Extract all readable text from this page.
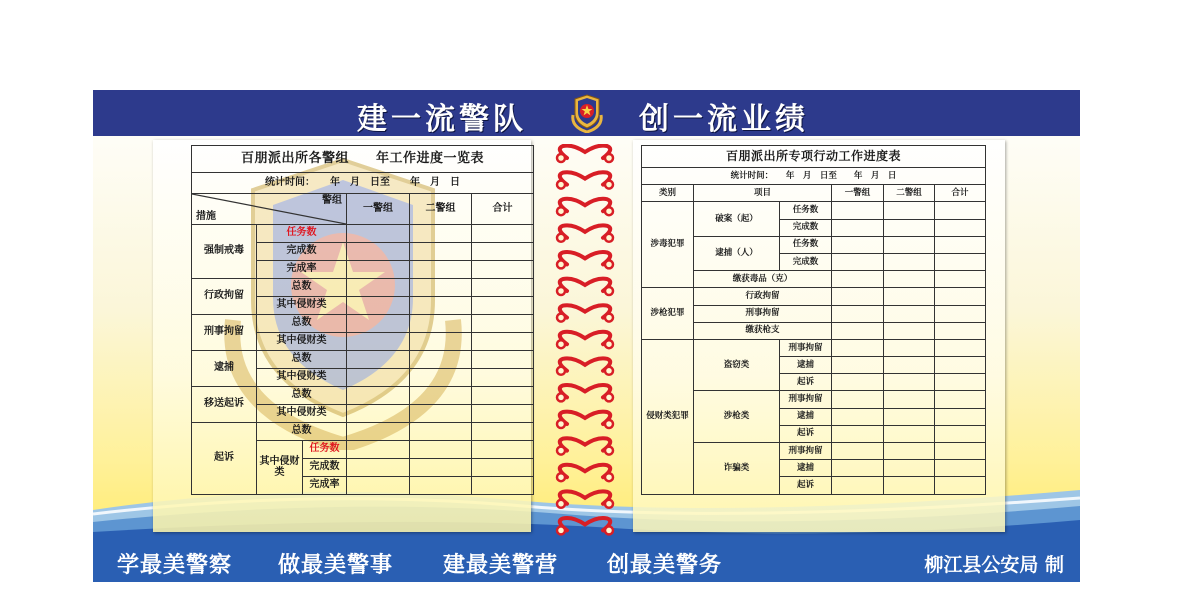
建一流警队	创一流业绩
学最美警察 做最美警事 建最美警营 创最美警务	柳江县公安局 制
百朋派出所各警组　　年工作进度一览表					
统计时间：　　年　月　日至　　年　月　日					

警组
措施			一警组	二警组	合计
强制戒毒	任务数				
	完成数				
	完成率				
行政拘留	总数				
	其中侵财类				
刑事拘留	总数				
	其中侵财类				
逮捕	总数				
	其中侵财类				
移送起诉	总数				
	其中侵财类				
起诉	总数				
	其中侵财类	任务数			
		完成数			
		完成率			
百朋派出所专项行动工作进度表					
统计时间：　　年　月　日至　　年　月　日					
类别	项目		一警组	二警组	合计
涉毒犯罪	破案（起）	任务数			
		完成数			
	逮捕（人）	任务数			
		完成数			
	缴获毒品（克）				
涉枪犯罪	行政拘留				
	刑事拘留				
	缴获枪支				
侵财类犯罪	盗窃类	刑事拘留			
		逮捕			
		起诉			
	涉枪类	刑事拘留			
		逮捕			
		起诉			
	诈骗类	刑事拘留			
		逮捕			
		起诉			
